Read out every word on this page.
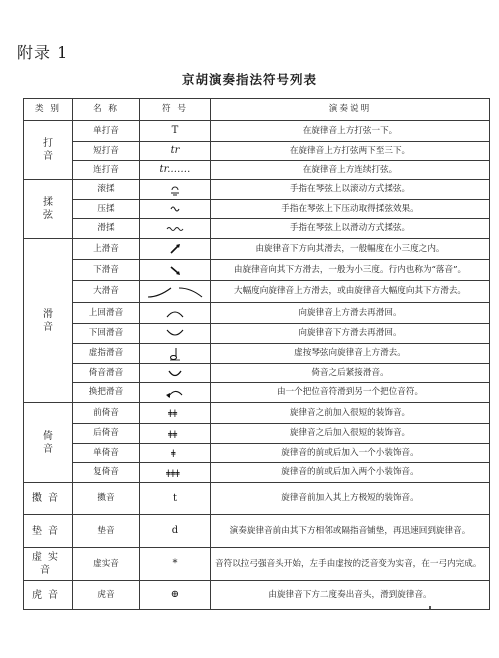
附录 1
京胡演奏指法符号列表
类 别	名 称	符 号	演奏说明

打音	单打音	T	在旋律音上方打弦一下。
	短打音	tr	在旋律音上方打弦两下至三下。
	连打音	tr.……	在旋律音上方连续打弦。

揉弦	滚揉		手指在琴弦上以滚动方式揉弦。
	压揉		手指在琴弦上下压动取得揉弦效果。
	滑揉		手指在琴弦上以滑动方式揉弦。

滑音	上滑音		由旋律音下方向其滑去，一般幅度在小三度之内。
	下滑音		由旋律音向其下方滑去，一般为小三度。行内也称为“落音”。
	大滑音		大幅度向旋律音上方滑去，或由旋律音大幅度向其下方滑去。
	上回滑音		向旋律音上方滑去再滑回。
	下回滑音		向旋律音下方滑去再滑回。
	虚指滑音		虚按琴弦向旋律音上方滑去。
	倚音滑音		倚音之后紧接滑音。
	换把滑音		由一个把位音符滑到另一个把位音符。

倚音	前倚音	ǂǂ	旋律音之前加入很短的装饰音。
	后倚音	ǂǂ	旋律音之后加入很短的装饰音。
	单倚音	ǂ	旋律音的前或后加入一个小装饰音。
	复倚音	ǂǂǂ	旋律音的前或后加入两个小装饰音。

擞音	擞音	t	旋律音前加入其上方极短的装饰音。

垫音	垫音	d	演奏旋律音前由其下方相邻或隔指音铺垫，再迅速回到旋律音。

虚实音	虚实音	*	音符以拉弓强音头开始，左手由虚按的泛音变为实音，在一弓内完成。

虎音	虎音	⊕	由旋律音下方二度奏出音头，滑到旋律音。
